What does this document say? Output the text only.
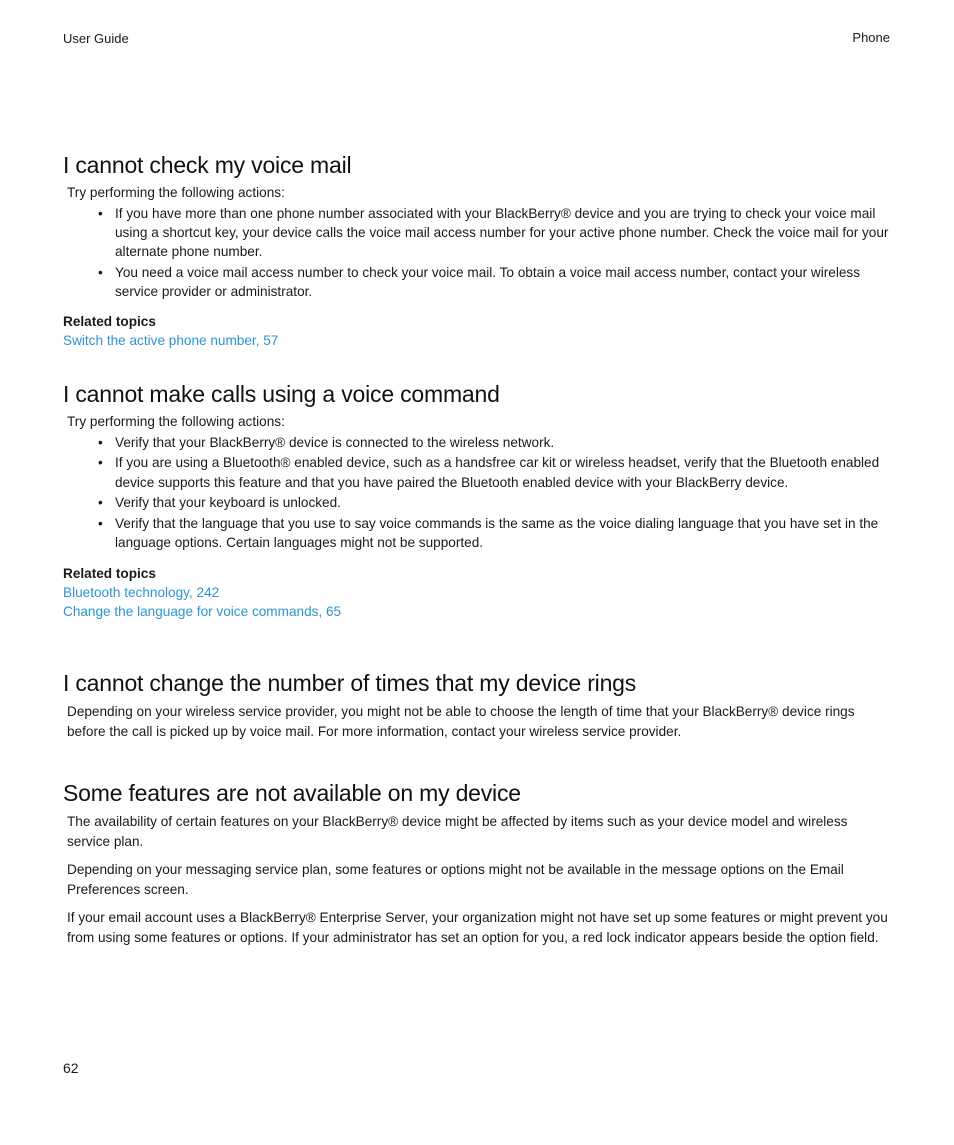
User Guide	Phone
I cannot check my voice mail
Try performing the following actions:
• If you have more than one phone number associated with your BlackBerry® device and you are trying to check your voice mail using a shortcut key, your device calls the voice mail access number for your active phone number. Check the voice mail for your alternate phone number.
• You need a voice mail access number to check your voice mail. To obtain a voice mail access number, contact your wireless service provider or administrator.
Related topics
Switch the active phone number, 57
I cannot make calls using a voice command
Try performing the following actions:
• Verify that your BlackBerry® device is connected to the wireless network.
• If you are using a Bluetooth® enabled device, such as a handsfree car kit or wireless headset, verify that the Bluetooth enabled device supports this feature and that you have paired the Bluetooth enabled device with your BlackBerry device.
• Verify that your keyboard is unlocked.
• Verify that the language that you use to say voice commands is the same as the voice dialing language that you have set in the language options. Certain languages might not be supported.
Related topics
Bluetooth technology, 242
Change the language for voice commands, 65
I cannot change the number of times that my device rings

Depending on your wireless service provider, you might not be able to choose the length of time that your BlackBerry® device rings before the call is picked up by voice mail. For more information, contact your wireless service provider.

Some features are not available on my device

The availability of certain features on your BlackBerry® device might be affected by items such as your device model and wireless service plan.

Depending on your messaging service plan, some features or options might not be available in the message options on the Email Preferences screen.

If your email account uses a BlackBerry® Enterprise Server, your organization might not have set up some features or might prevent you from using some features or options. If your administrator has set an option for you, a red lock indicator appears beside the option field.

62
